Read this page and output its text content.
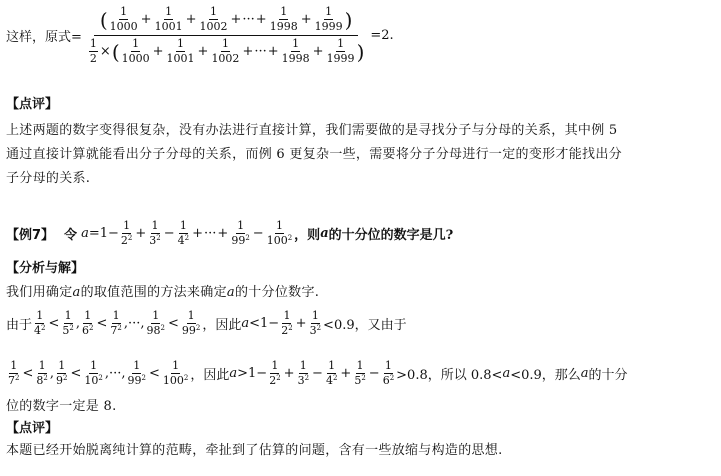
这样，原式=
( $\frac{1}{1000} + \frac{1}{1001} + \frac{1}{1002}$ + ··· + $\frac{1}{1998} + \frac{1}{1999}$ )
$\frac{1}{2}$ × ( $\frac{1}{1000} + \frac{1}{1001} + \frac{1}{1002}$ + ··· + $\frac{1}{1998} + \frac{1}{1999}$ )
=2.
【点评】
上述两题的数字变得很复杂，没有办法进行直接计算，我们需要做的是寻找分子与分母的关系，其中例 5
通过直接计算就能看出分子分母的关系，而例 6 更复杂一些，需要将分子分母进行一定的变形才能找出分
子分母的关系.
【例7】 令 $a =1- \frac{1}{2^2} + \frac{1}{3^2} - \frac{1}{4^2}$ + ··· + $\frac{1}{99^2} - \frac{1}{100^2}$ ，则 a 的十分位的数字是几?
【分析与解】
我们用确定a的取值范围的方法来确定a的十分位数字.
由于 $\frac{1}{4^2} < \frac{1}{5^2}$ , $\frac{1}{6^2} < \frac{1}{7^2}$ ,···, $\frac{1}{98^2} < \frac{1}{99^2}$ ，因此 $a <1- \frac{1}{2^2} + \frac{1}{3^2} <0.9$，又由于
$\frac{1}{7^2} < \frac{1}{8^2}$ , $\frac{1}{9^2} < \frac{1}{10^2}$ ,···, $\frac{1}{99^2} < \frac{1}{100^2}$ ，因此 $a >1- \frac{1}{2^2} + \frac{1}{3^2} - \frac{1}{4^2} + \frac{1}{5^2} - \frac{1}{6^2} >0.8$，所以 0.8< a <0.9，那么 a 的十分
位的数字一定是 8.
【点评】
本题已经开始脱离纯计算的范畴，牵扯到了估算的问题，含有一些放缩与构造的思想.
